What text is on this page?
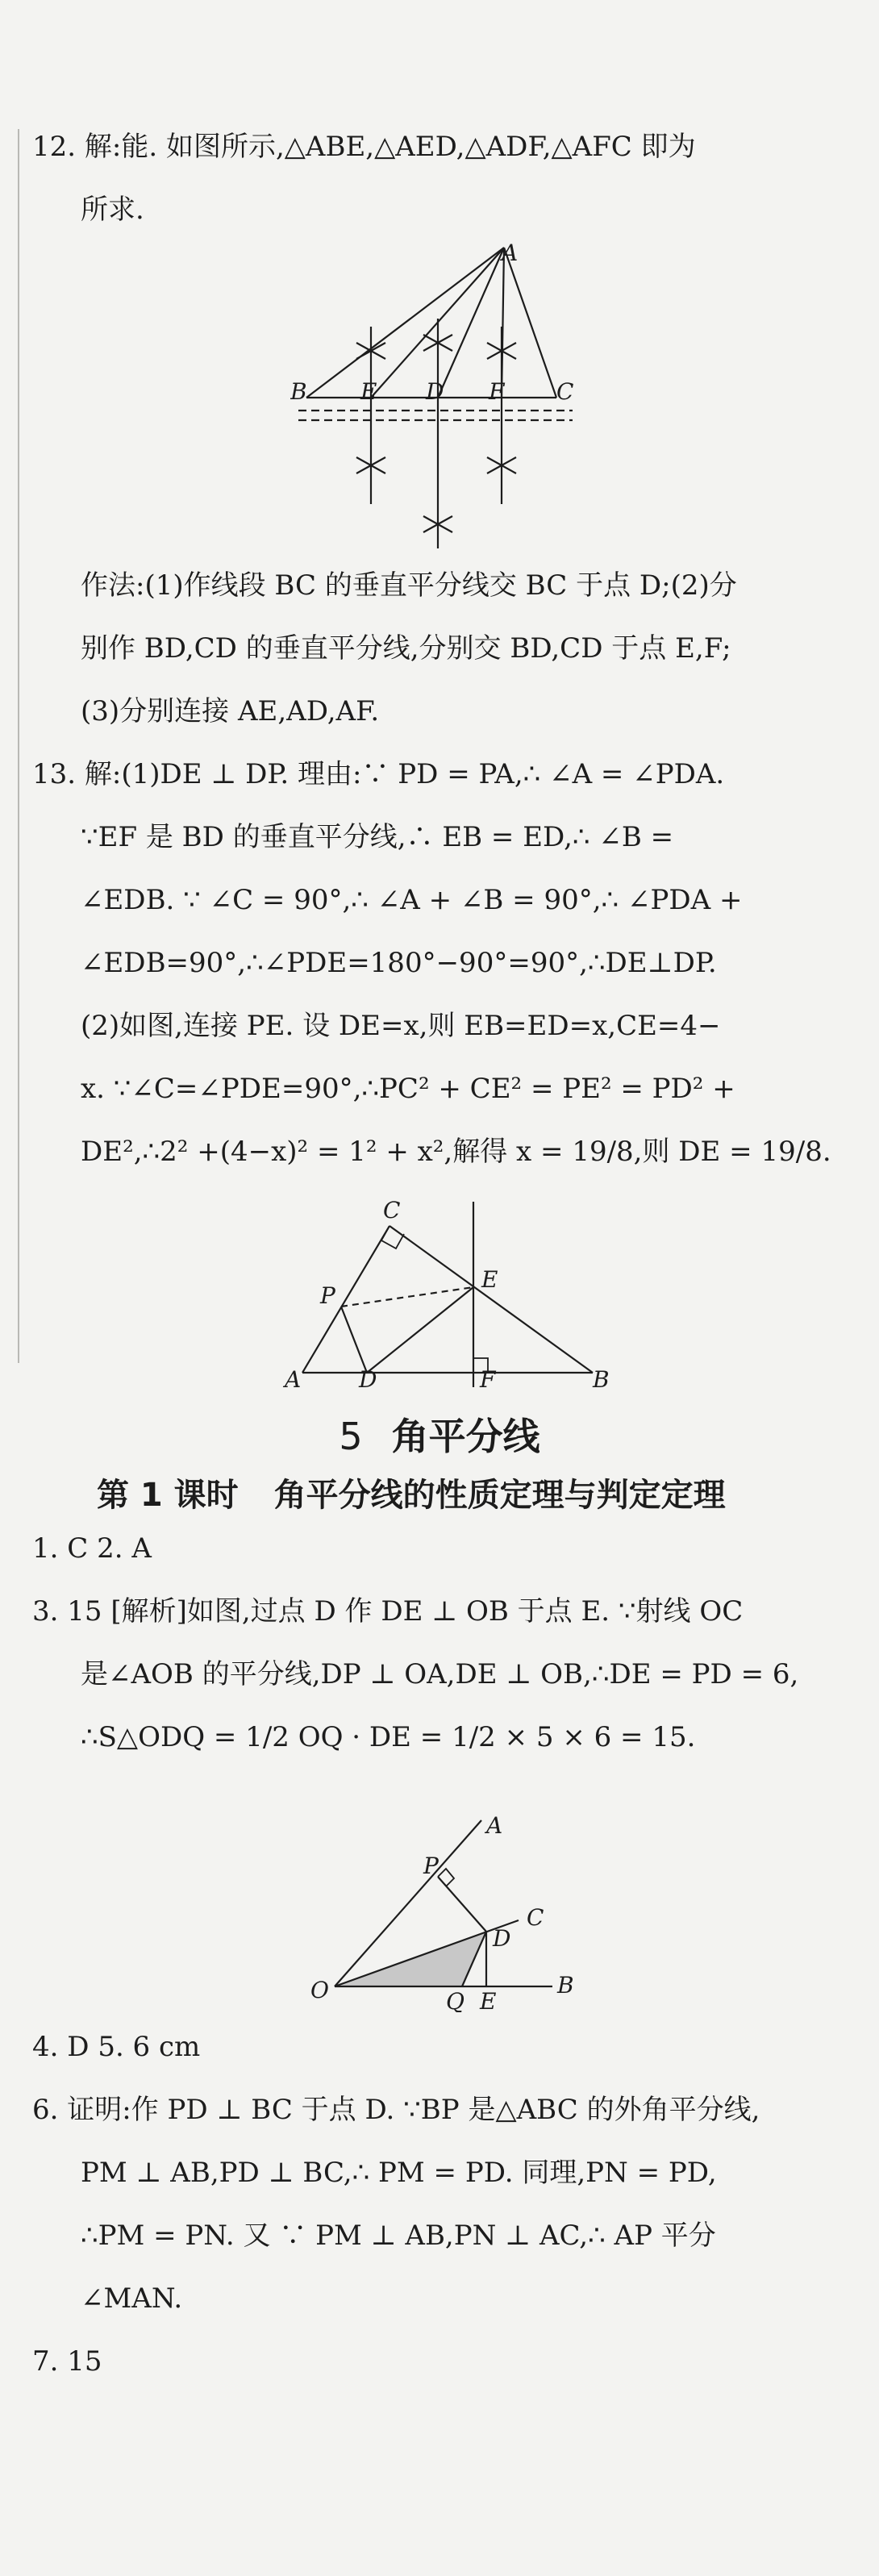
12. 解:能. 如图所示,△ABE,△AED,△ADF,△AFC 即为
所求.
A
B E D F C
作法:(1)作线段 BC 的垂直平分线交 BC 于点 D;(2)分
别作 BD,CD 的垂直平分线,分别交 BD,CD 于点 E,F;
(3)分别连接 AE,AD,AF.
13. 解:(1)DE ⊥ DP. 理由:∵ PD = PA,∴ ∠A = ∠PDA.
∵EF 是 BD 的垂直平分线,∴ EB = ED,∴ ∠B =
∠EDB. ∵ ∠C = 90°,∴ ∠A + ∠B = 90°,∴ ∠PDA +
∠EDB=90°,∴∠PDE=180°−90°=90°,∴DE⊥DP.
(2)如图,连接 PE. 设 DE=x,则 EB=ED=x,CE=4−
x. ∵∠C=∠PDE=90°,∴PC² + CE² = PE² = PD² +
DE²,∴2² +(4−x)² = 1² + x²,解得 x = 19/8,则 DE = 19/8.
C
P
E
A	D	F	B
5 角平分线
第 1 课时 角平分线的性质定理与判定定理
1. C 2. A
3. 15 [解析]如图,过点 D 作 DE ⊥ OB 于点 E. ∵射线 OC
是∠AOB 的平分线,DP ⊥ OA,DE ⊥ OB,∴DE = PD = 6,
∴S△ODQ = 1/2 OQ · DE = 1/2 × 5 × 6 = 15.
A
P
C
D
O	Q E
B
4. D 5. 6 cm
6. 证明:作 PD ⊥ BC 于点 D. ∵BP 是△ABC 的外角平分线,
PM ⊥ AB,PD ⊥ BC,∴ PM = PD. 同理,PN = PD,
∴PM = PN. 又 ∵ PM ⊥ AB,PN ⊥ AC,∴ AP 平分
∠MAN.
7. 15
